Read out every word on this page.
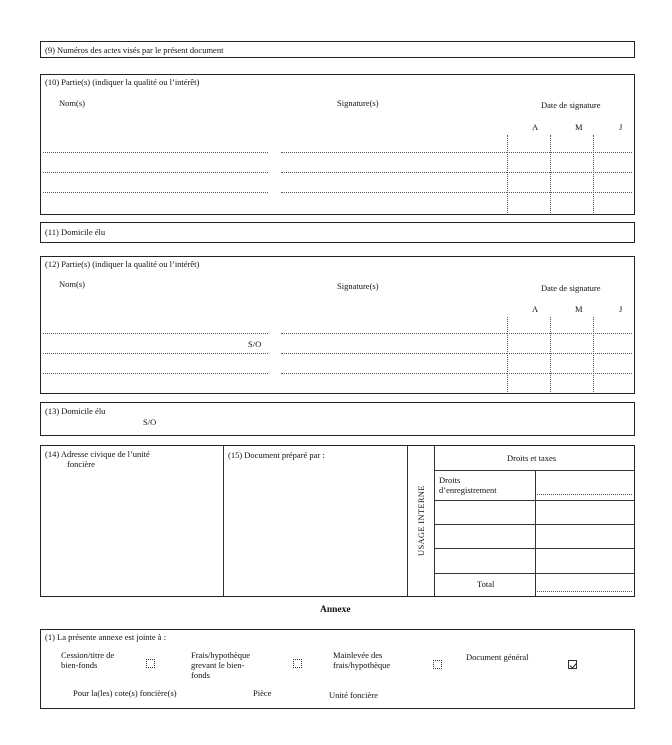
(9) Numéros des actes visés par le présent document
(10) Partie(s) (indiquer la qualité ou l’intérêt)
Nom(s)	Signature(s)	Date de signature
A	M	J
(11) Domicile élu
(12) Partie(s) (indiquer la qualité ou l’intérêt)
Nom(s)	Signature(s)	Date de signature
A	M	J
S/O
(13) Domicile élu
S/O
(14) Adresse civique de l’unité
foncière
(15) Document préparé par :
USAGE INTERNE
Droits et taxes
Droits
d’enregistrement
Total
Annexe
(1) La présente annexe est jointe à :
Cession/titre de
bien-fonds
Frais/hypothèque
grevant le bien-
fonds
Mainlevée des
frais/hypothèque
Document général
Pour la(les) cote(s) foncière(s)	Pièce	Unité foncière
